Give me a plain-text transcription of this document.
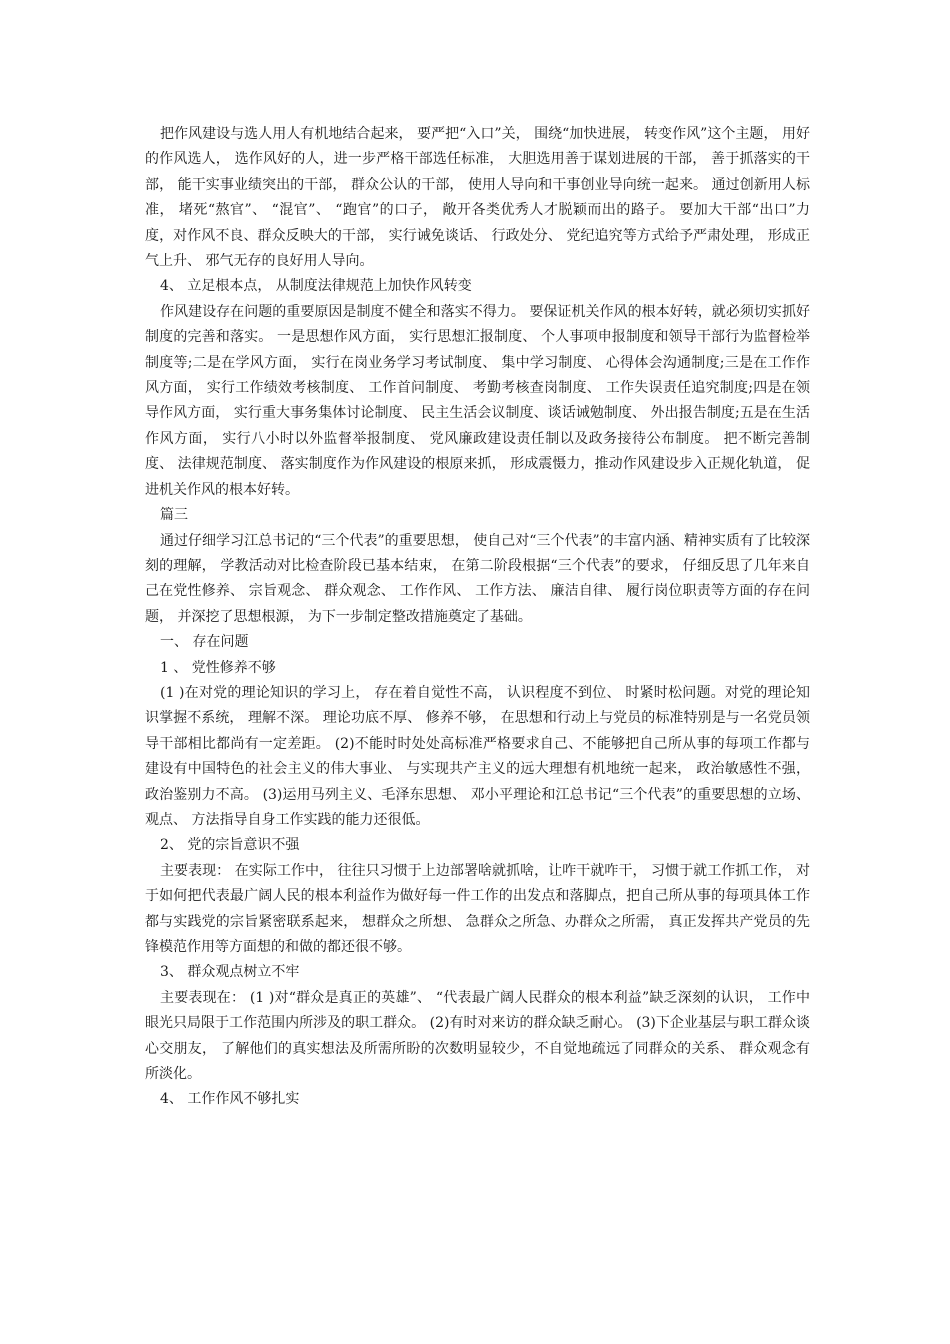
把作风建设与选人用人有机地结合起来， 要严把“入口”关， 围绕“加快进展， 转变作风”这个主题， 用好的作风选人， 选作风好的人，进一步严格干部选任标准， 大胆选用善于谋划进展的干部， 善于抓落实的干部， 能干实事业绩突出的干部， 群众公认的干部， 使用人导向和干事创业导向统一起来。 通过创新用人标准， 堵死“熬官”、 “混官”、 “跑官”的口子， 敞开各类优秀人才脱颖而出的路子。 要加大干部“出口”力度，对作风不良、群众反映大的干部， 实行诫免谈话、 行政处分、 党纪追究等方式给予严肃处理， 形成正气上升、 邪气无存的良好用人导向。

4、 立足根本点， 从制度法律规范上加快作风转变

作风建设存在问题的重要原因是制度不健全和落实不得力。 要保证机关作风的根本好转，就必须切实抓好制度的完善和落实。 一是思想作风方面， 实行思想汇报制度、 个人事项申报制度和领导干部行为监督检举制度等;二是在学风方面， 实行在岗业务学习考试制度、 集中学习制度、 心得体会沟通制度;三是在工作作风方面， 实行工作绩效考核制度、 工作首问制度、 考勤考核查岗制度、 工作失误责任追究制度;四是在领导作风方面， 实行重大事务集体讨论制度、 民主生活会议制度、谈话诫勉制度、 外出报告制度;五是在生活作风方面， 实行八小时以外监督举报制度、 党风廉政建设责任制以及政务接待公布制度。 把不断完善制度、 法律规范制度、 落实制度作为作风建设的根原来抓， 形成震慑力，推动作风建设步入正规化轨道， 促进机关作风的根本好转。

篇三

通过仔细学习江总书记的“三个代表”的重要思想， 使自己对“三个代表”的丰富内涵、精神实质有了比较深刻的理解， 学教活动对比检查阶段已基本结束， 在第二阶段根据“三个代表”的要求， 仔细反思了几年来自己在党性修养、 宗旨观念、 群众观念、 工作作风、 工作方法、 廉洁自律、 履行岗位职责等方面的存在问题， 并深挖了思想根源， 为下一步制定整改措施奠定了基础。

一、 存在问题

1 、 党性修养不够

(1 )在对党的理论知识的学习上， 存在着自觉性不高， 认识程度不到位、 时紧时松问题。对党的理论知识掌握不系统， 理解不深。 理论功底不厚、 修养不够， 在思想和行动上与党员的标准特别是与一名党员领导干部相比都尚有一定差距。 (2)不能时时处处高标准严格要求自己、不能够把自己所从事的每项工作都与建设有中国特色的社会主义的伟大事业、 与实现共产主义的远大理想有机地统一起来， 政治敏感性不强，政治鉴别力不高。 (3)运用马列主义、毛泽东思想、 邓小平理论和江总书记“三个代表”的重要思想的立场、 观点、 方法指导自身工作实践的能力还很低。

2、 党的宗旨意识不强

主要表现： 在实际工作中， 往往只习惯于上边部署啥就抓啥，让咋干就咋干， 习惯于就工作抓工作， 对于如何把代表最广阔人民的根本利益作为做好每一件工作的出发点和落脚点，把自己所从事的每项具体工作都与实践党的宗旨紧密联系起来， 想群众之所想、 急群众之所急、办群众之所需， 真正发挥共产党员的先锋模范作用等方面想的和做的都还很不够。

3、 群众观点树立不牢

主要表现在： (1 )对“群众是真正的英雄”、 “代表最广阔人民群众的根本利益”缺乏深刻的认识， 工作中眼光只局限于工作范围内所涉及的职工群众。 (2)有时对来访的群众缺乏耐心。 (3)下企业基层与职工群众谈心交朋友， 了解他们的真实想法及所需所盼的次数明显较少，不自觉地疏远了同群众的关系、 群众观念有所淡化。

4、 工作作风不够扎实
